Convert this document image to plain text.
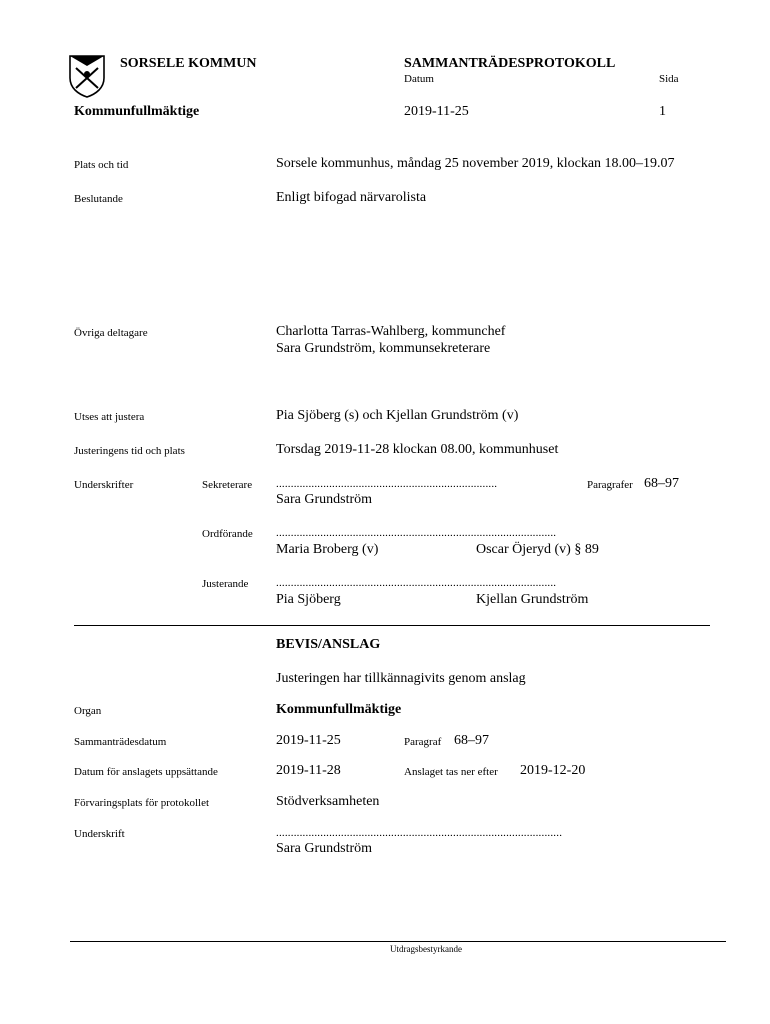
SORSELE KOMMUN	SAMMANTRÄDESPROTOKOLL
Datum	Sida
Kommunfullmäktige	2019-11-25	1
Plats och tid	Sorsele kommunhus, måndag 25 november 2019, klockan 18.00–19.07
Beslutande	Enligt bifogad närvarolista
Övriga deltagare	Charlotta Tarras-Wahlberg, kommunchef
Sara Grundström, kommunsekreterare
Utses att justera	Pia Sjöberg (s) och Kjellan Grundström (v)
Justeringens tid och plats	Torsdag 2019-11-28 klockan 08.00, kommunhuset
Underskrifter	Sekreterare ...........................................................................	Paragrafer 68–97
Sara Grundström
Ordförande ...............................................................................................
Maria Broberg (v)	Oscar Öjeryd (v) § 89
Justerande	...............................................................................................
Pia Sjöberg	Kjellan Grundström
BEVIS/ANSLAG
Justeringen har tillkännagivits genom anslag
Organ	Kommunfullmäktige
Sammanträdesdatum	2019-11-25	Paragraf 68–97
Datum för anslagets uppsättande	2019-11-28	Anslaget tas ner efter 2019-12-20
Förvaringsplats för protokollet	Stödverksamheten
Underskrift	.................................................................................................
Sara Grundström
Utdragsbestyrkande
